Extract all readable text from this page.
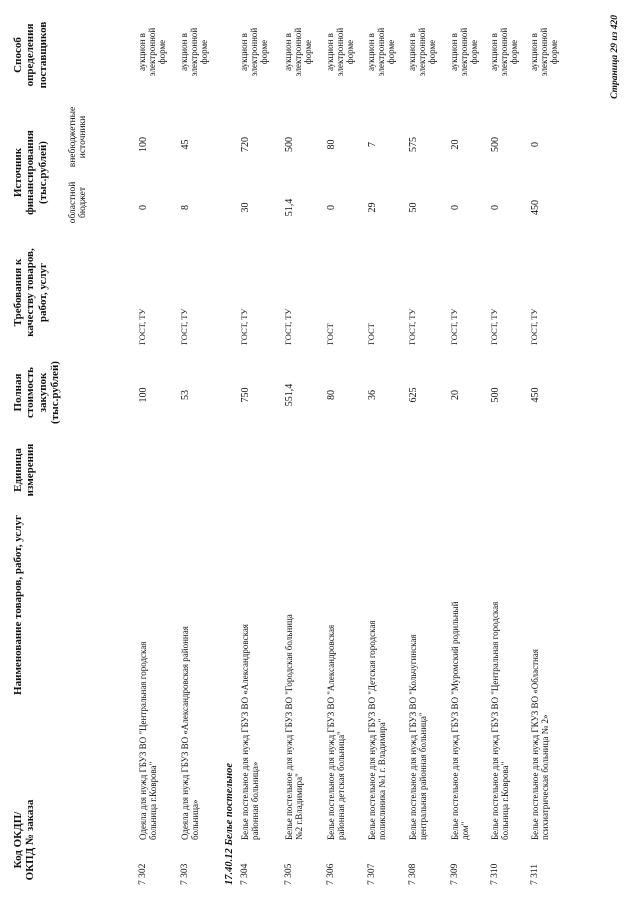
Код ОКДП/ ОКПД № заказа
Наименование товаров, работ, услуг
Единица измерения
Полная стоимость закупок (тыс.рублей)
Требования к качеству товаров, работ, услуг
Источник финансирования (тыс.рублей) областной бюджет
внебюджетные источники
Способ определения поставщиков
17.40.12 Белье постельное
7 302
Одеяла для нужд ГБУЗ ВО "Центральная городская больница г.Коврова"
100
ГОСТ, ТУ
0
100
аукцион в электронной форме
7 303
Одеяла для нужд ГБУЗ ВО «Александровская районная больница»
53
ГОСТ, ТУ
8
45
аукцион в электронной форме
7 304
Белье постельное для нужд ГБУЗ ВО «Александровская районная больница»
750
ГОСТ, ТУ
30
720
аукцион в электронной форме
7 305
Белье постельное для нужд ГБУЗ ВО "Городская больница №2 г.Владимира"
551,4
ГОСТ, ТУ
51,4
500
аукцион в электронной форме
7 306
Белье постельное для нужд ГБУЗ ВО "Александровская районная детская больница"
80
ГОСТ
0
80
аукцион в электронной форме
7 307
Белье постельное для нужд ГБУЗ ВО "Детская городская поликлиника №1 г. Владимира"
36
ГОСТ
29
7
аукцион в электронной форме
7 308
Белье постельное для нужд ГБУЗ ВО "Кольчугинская центральная районная больница"
625
ГОСТ, ТУ
50
575
аукцион в электронной форме
7 309
Белье постельное для нужд ГБУЗ ВО "Муромский родильный дом"
20
ГОСТ, ТУ
0
20
аукцион в электронной форме
7 310
Белье постельное для нужд ГБУЗ ВО "Центральная городская больница г.Коврова"
500
ГОСТ, ТУ
0
500
аукцион в электронной форме
7 311
Белье постельное для нужд ГКУЗ ВО «Областная психиатрическая больница № 2»
450
ГОСТ, ТУ
450
0
аукцион в электронной форме	Страница 29 из 420
